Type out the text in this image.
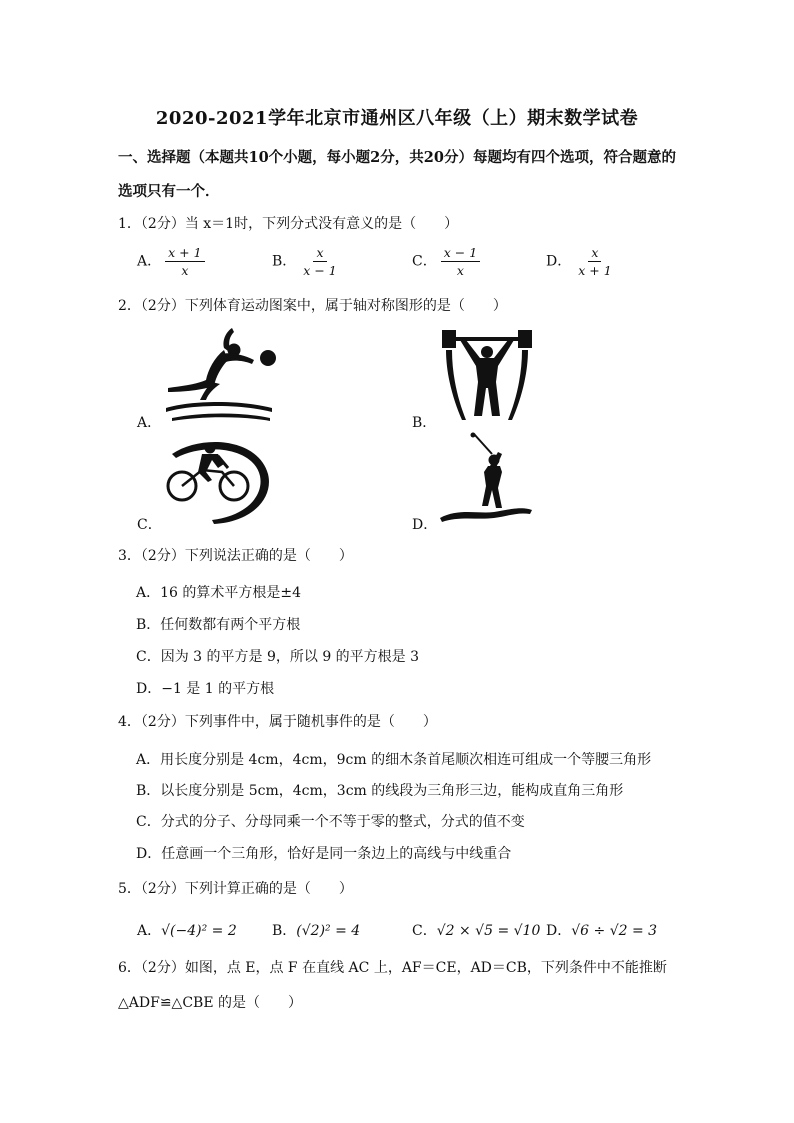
2020-2021学年北京市通州区八年级（上）期末数学试卷
一、选择题（本题共10个小题，每小题2分，共20分）每题均有四个选项，符合题意的
选项只有一个．
1．（2分）当 x＝1时，下列分式没有意义的是（　　）
A． $\frac{x + 1}{x}$	B． $\frac{x}{x - 1}$	C． $\frac{x - 1}{x}$	D． $\frac{x}{x + 1}$
2．（2分）下列体育运动图案中，属于轴对称图形的是（　　）
A．	B．
C．	D．
3．（2分）下列说法正确的是（　　）
A．16 的算术平方根是±4
B．任何数都有两个平方根
C．因为 3 的平方是 9，所以 9 的平方根是 3
D．−1 是 1 的平方根
4．（2分）下列事件中，属于随机事件的是（　　）
A．用长度分别是 4cm，4cm，9cm 的细木条首尾顺次相连可组成一个等腰三角形
B．以长度分别是 5cm，4cm，3cm 的线段为三角形三边，能构成直角三角形
C．分式的分子、分母同乘一个不等于零的整式，分式的值不变
D．任意画一个三角形，恰好是同一条边上的高线与中线重合
5．（2分）下列计算正确的是（　　）
A．√(−4)² = 2	B．(√2)² = 4	C．√2 × √5 = √10 D．√6 ÷ √2 = 3
6．（2分）如图，点 E，点 F 在直线 AC 上，AF＝CE，AD＝CB，下列条件中不能推断
△ADF≌△CBE 的是（　　）
